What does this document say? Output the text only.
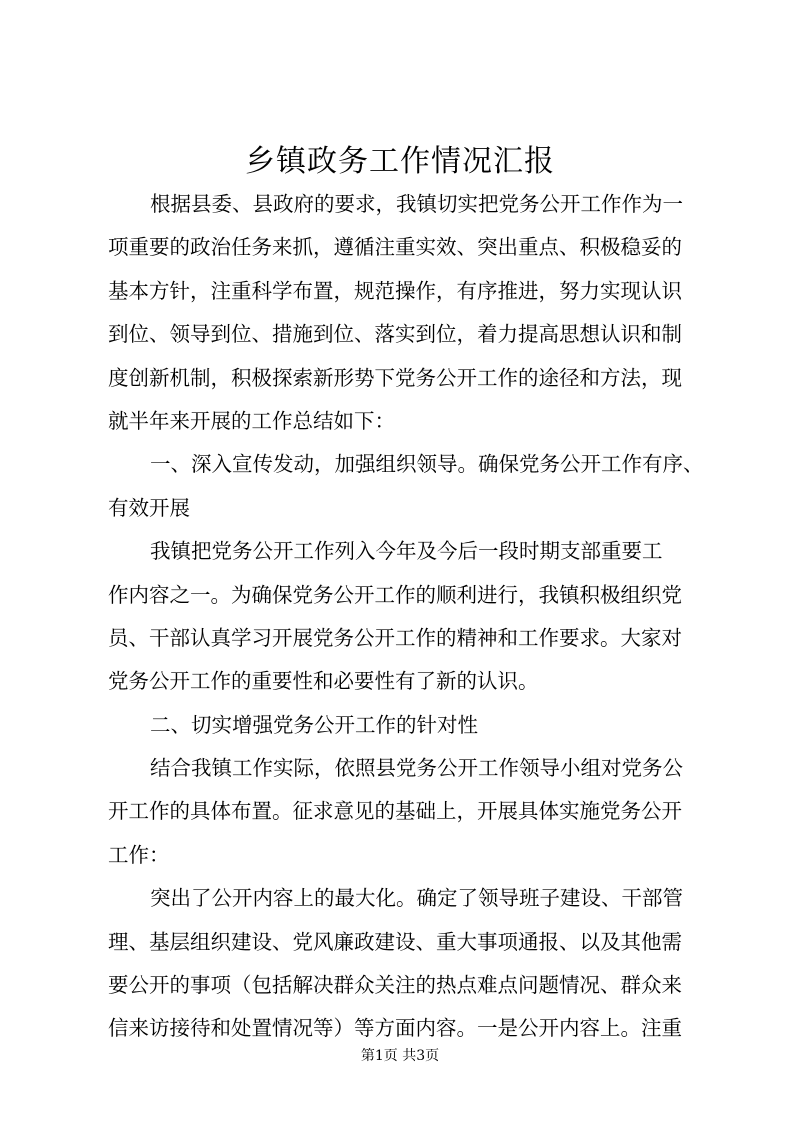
乡镇政务工作情况汇报
根据县委、县政府的要求，我镇切实把党务公开工作作为一
项重要的政治任务来抓，遵循注重实效、突出重点、积极稳妥的
基本方针，注重科学布置，规范操作，有序推进，努力实现认识
到位、领导到位、措施到位、落实到位，着力提高思想认识和制
度创新机制，积极探索新形势下党务公开工作的途径和方法，现
就半年来开展的工作总结如下：
一、深入宣传发动，加强组织领导。确保党务公开工作有序、
有效开展
我镇把党务公开工作列入今年及今后一段时期支部重要工
作内容之一。为确保党务公开工作的顺利进行，我镇积极组织党
员、干部认真学习开展党务公开工作的精神和工作要求。大家对
党务公开工作的重要性和必要性有了新的认识。
二、切实增强党务公开工作的针对性
结合我镇工作实际，依照县党务公开工作领导小组对党务公
开工作的具体布置。征求意见的基础上，开展具体实施党务公开
工作：
突出了公开内容上的最大化。确定了领导班子建设、干部管
理、基层组织建设、党风廉政建设、重大事项通报、以及其他需
要公开的事项（包括解决群众关注的热点难点问题情况、群众来
信来访接待和处置情况等）等方面内容。一是公开内容上。注重
第1页 共3页
